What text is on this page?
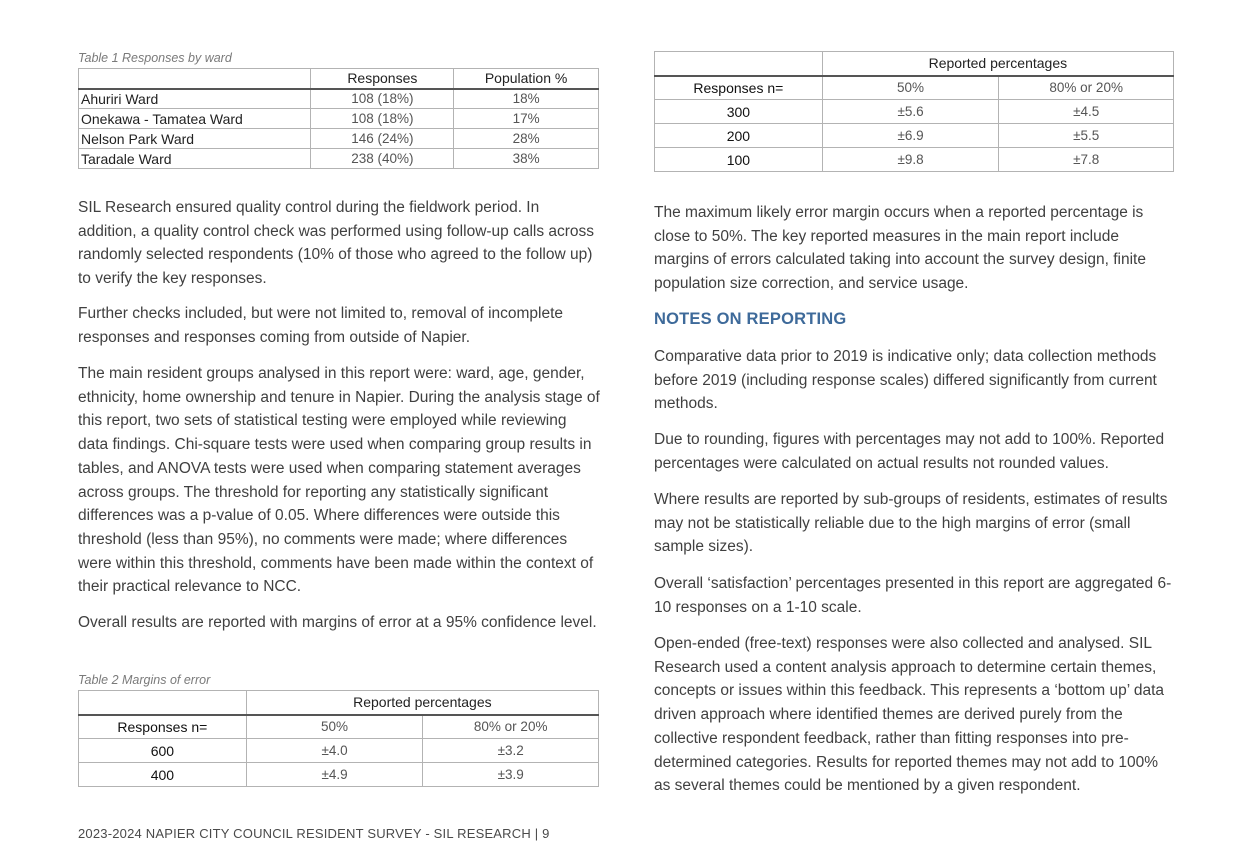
Table 1 Responses by ward
	Responses	Population %
Ahuriri Ward	108 (18%)	18%
Onekawa - Tamatea Ward	108 (18%)	17%
Nelson Park Ward	146 (24%)	28%
Taradale Ward	238 (40%)	38%

SIL Research ensured quality control during the fieldwork period. In addition, a quality control check was performed using follow-up calls across randomly selected respondents (10% of those who agreed to the follow up) to verify the key responses.

Further checks included, but were not limited to, removal of incomplete responses and responses coming from outside of Napier.

The main resident groups analysed in this report were: ward, age, gender, ethnicity, home ownership and tenure in Napier. During the analysis stage of this report, two sets of statistical testing were employed while reviewing data findings. Chi-square tests were used when comparing group results in tables, and ANOVA tests were used when comparing statement averages across groups. The threshold for reporting any statistically significant differences was a p-value of 0.05. Where differences were outside this threshold (less than 95%), no comments were made; where differences were within this threshold, comments have been made within the context of their practical relevance to NCC.

Overall results are reported with margins of error at a 95% confidence level.

Table 2 Margins of error
	Reported percentages	
Responses n=	50%	80% or 20%
600	±4.0	±3.2
400	±4.9	±3.9
	Reported percentages	
Responses n=	50%	80% or 20%
300	±5.6	±4.5
200	±6.9	±5.5
100	±9.8	±7.8

The maximum likely error margin occurs when a reported percentage is close to 50%. The key reported measures in the main report include margins of errors calculated taking into account the survey design, finite population size correction, and service usage.

NOTES ON REPORTING

Comparative data prior to 2019 is indicative only; data collection methods before 2019 (including response scales) differed significantly from current methods.

Due to rounding, figures with percentages may not add to 100%. Reported percentages were calculated on actual results not rounded values.

Where results are reported by sub-groups of residents, estimates of results may not be statistically reliable due to the high margins of error (small sample sizes).

Overall ‘satisfaction’ percentages presented in this report are aggregated 6-10 responses on a 1-10 scale.

Open-ended (free-text) responses were also collected and analysed. SIL Research used a content analysis approach to determine certain themes, concepts or issues within this feedback. This represents a ‘bottom up’ data driven approach where identified themes are derived purely from the collective respondent feedback, rather than fitting responses into pre-determined categories. Results for reported themes may not add to 100% as several themes could be mentioned by a given respondent.

2023-2024 NAPIER CITY COUNCIL RESIDENT SURVEY - SIL RESEARCH | 9
